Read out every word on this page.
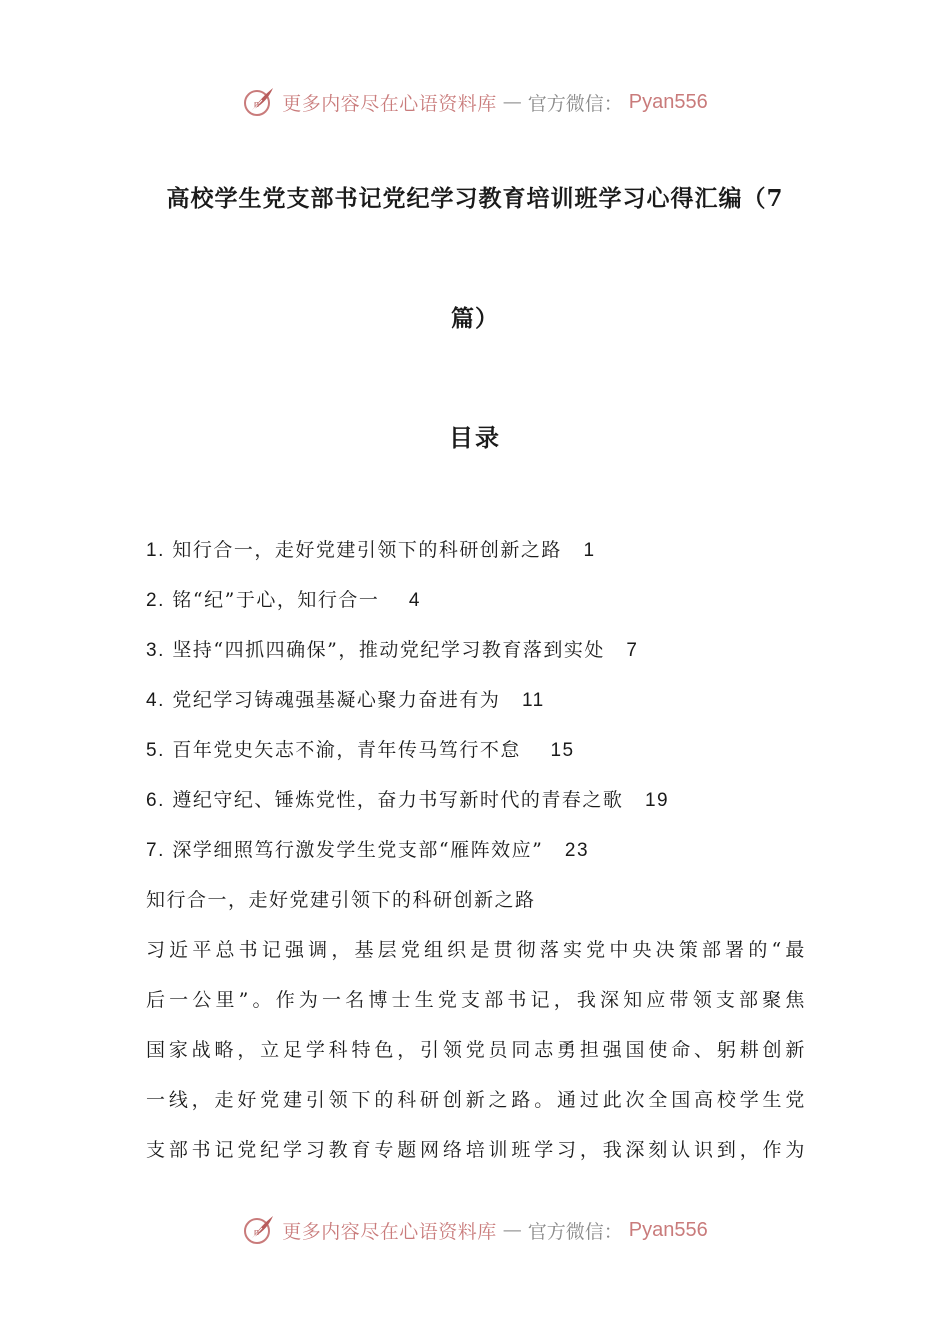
n 更多内容尽在心语资料库 — 官方微信： Pyan556
高校学生党支部书记党纪学习教育培训班学习心得汇编（7
篇）
目录
1. 知行合一，走好党建引领下的科研创新之路 1
2. 铭“纪”于心，知行合一 4
3. 坚持“四抓四确保”，推动党纪学习教育落到实处 7
4. 党纪学习铸魂强基凝心聚力奋进有为 11
5. 百年党史矢志不渝，青年传马笃行不怠 15
6. 遵纪守纪、锤炼党性，奋力书写新时代的青春之歌 19
7. 深学细照笃行激发学生党支部“雁阵效应” 23
知行合一，走好党建引领下的科研创新之路
习近平总书记强调，基层党组织是贯彻落实党中央决策部署的“最
后一公里”。作为一名博士生党支部书记，我深知应带领支部聚焦
国家战略，立足学科特色，引领党员同志勇担强国使命、躬耕创新
一线，走好党建引领下的科研创新之路。通过此次全国高校学生党
支部书记党纪学习教育专题网络培训班学习，我深刻认识到，作为
n 更多内容尽在心语资料库 — 官方微信： Pyan556
